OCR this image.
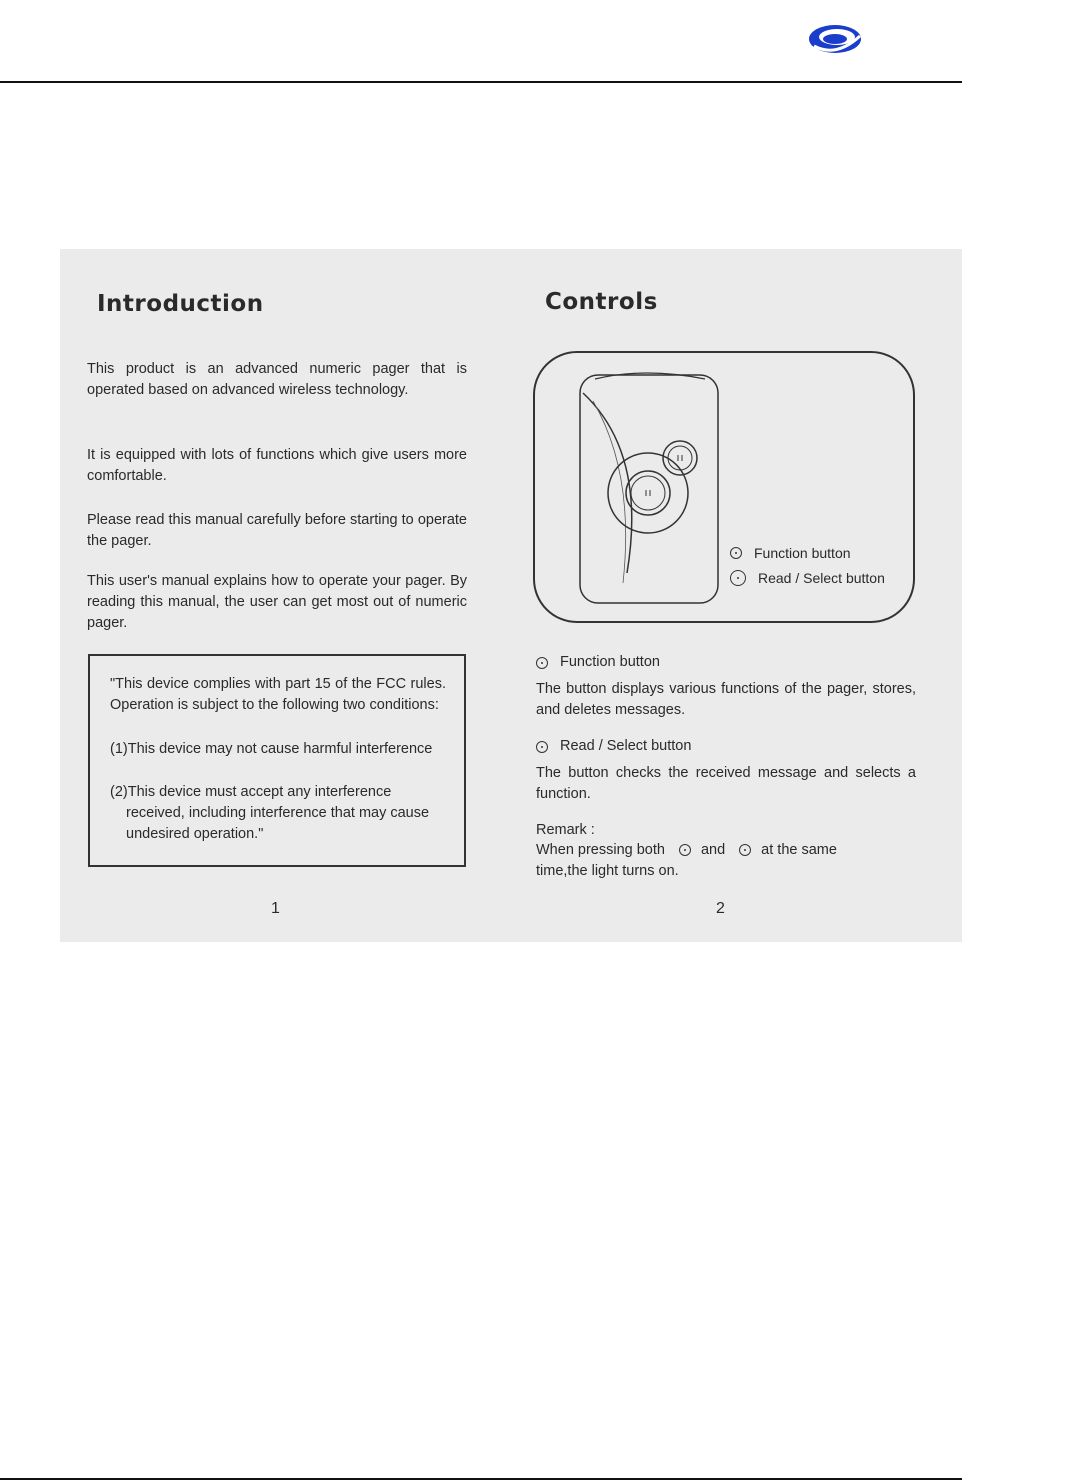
Introduction

This product is an advanced numeric pager that is operated based on advanced wireless technology.

It is equipped with lots of functions which give users more comfortable.

Please read this manual carefully before starting to operate the pager.

This user's manual explains how to operate your pager. By reading this manual, the user can get most out of numeric pager.

"This device complies with part 15 of the FCC rules. Operation is subject to the following two conditions:

(1)This device may not cause harmful interference

(2)This device must accept any interference received, including interference that may cause undesired operation."

1

Controls
Function button
Read / Select button
Function button

The button displays various functions of the pager, stores, and deletes messages.

Read / Select button

The button checks the received message and selects a function.

Remark :

When pressing both and at the same

time,the light turns on.

2
